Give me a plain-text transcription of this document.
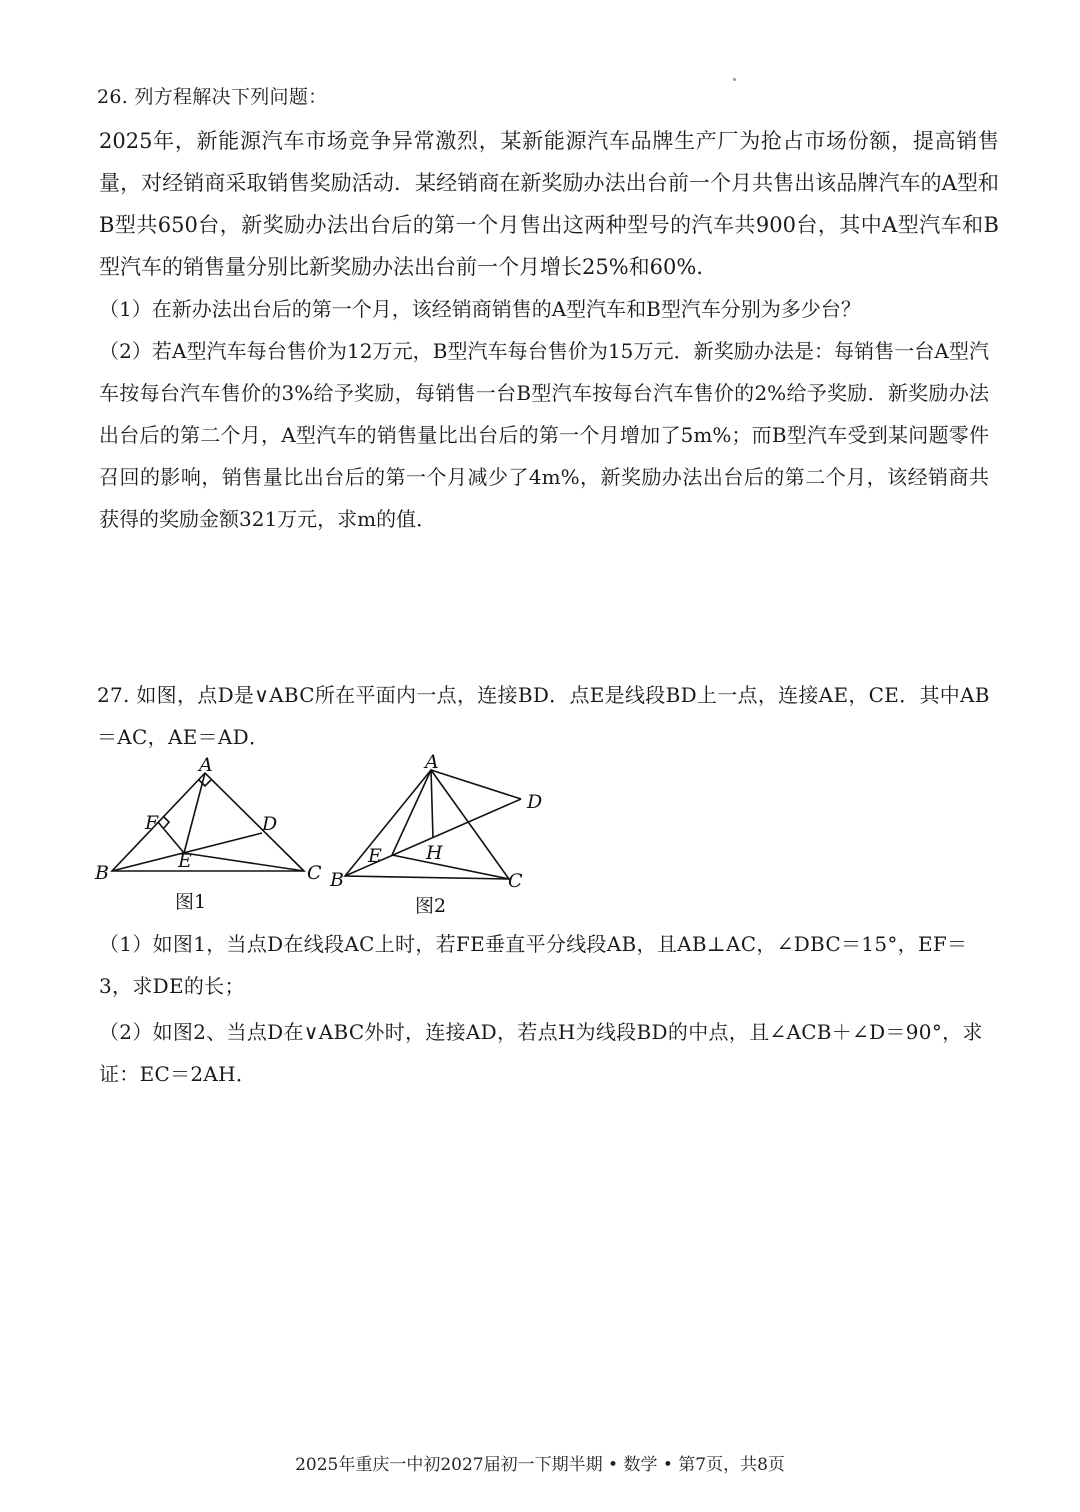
26. 列方程解决下列问题：
2025年，新能源汽车市场竞争异常激烈，某新能源汽车品牌生产厂为抢占市场份额，提高销售量，对经销商采取销售奖励活动．某经销商在新奖励办法出台前一个月共售出该品牌汽车的A型和B型共650台，新奖励办法出台后的第一个月售出这两种型号的汽车共900台，其中A型汽车和B型汽车的销售量分别比新奖励办法出台前一个月增长25%和60%．
（1）在新办法出台后的第一个月，该经销商销售的A型汽车和B型汽车分别为多少台？
（2）若A型汽车每台售价为12万元，B型汽车每台售价为15万元．新奖励办法是：每销售一台A型汽车按每台汽车售价的3%给予奖励，每销售一台B型汽车按每台汽车售价的2%给予奖励．新奖励办法出台后的第二个月，A型汽车的销售量比出台后的第一个月增加了5m%；而B型汽车受到某问题零件召回的影响，销售量比出台后的第一个月减少了4m%，新奖励办法出台后的第二个月，该经销商共获得的奖励金额321万元，求m的值．
27. 如图，点D是∨ABC所在平面内一点，连接BD．点E是线段BD上一点，连接AE，CE．其中AB＝AC，AE＝AD．
A
B	C
D
E
F
图1
A
B	C
D
E H
图2
（1）如图1，当点D在线段AC上时，若FE垂直平分线段AB，且AB⊥AC，∠DBC＝15°，EF＝3，求DE的长；
（2）如图2、当点D在∨ABC外时，连接AD，若点H为线段BD的中点，且∠ACB＋∠D＝90°，求证：EC＝2AH．
2025年重庆一中初2027届初一下期半期 • 数学 • 第7页，共8页
